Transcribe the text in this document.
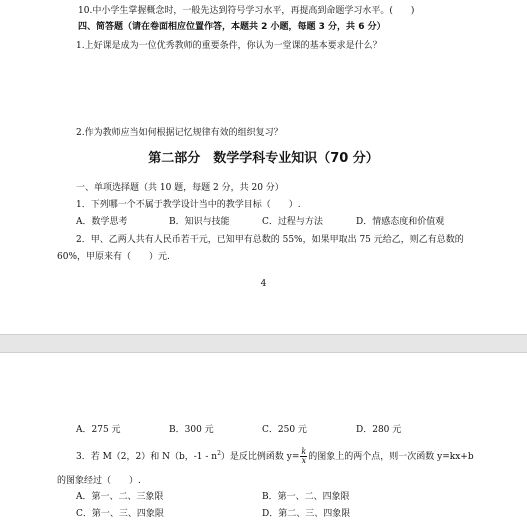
10.中小学生掌握概念时，一般先达到符号学习水平，再提高到命题学习水平。(　　)
四、简答题（请在卷面相应位置作答，本题共 2 小题，每题 3 分，共 6 分）
1.上好课是成为一位优秀教师的重要条件，你认为一堂课的基本要求是什么？
2.作为教师应当如何根据记忆规律有效的组织复习？
第二部分　数学学科专业知识（70 分）
一、单项选择题（共 10 题，每题 2 分，共 20 分）
1．下列哪一个不属于教学设计当中的教学目标（　　）.
A．数学思考	B．知识与技能	C．过程与方法	D．情感态度和价值观
2．甲、乙两人共有人民币若干元，已知甲有总数的 55%，如果甲取出 75 元给乙，则乙有总数的
60%，甲原来有（　　）元.
4
A．275 元	B．300 元	C．250 元	D．280 元
3．若 M（2，2）和 N（b，$-1 - n^2$）是反比例函数 $y= \frac{k}{x}$ 的图象上的两个点，则一次函数 y=kx+b
的图象经过（　　）.
A．第一、二、三象限	B．第一、二、四象限
C．第一、三、四象限	D．第二、三、四象限
